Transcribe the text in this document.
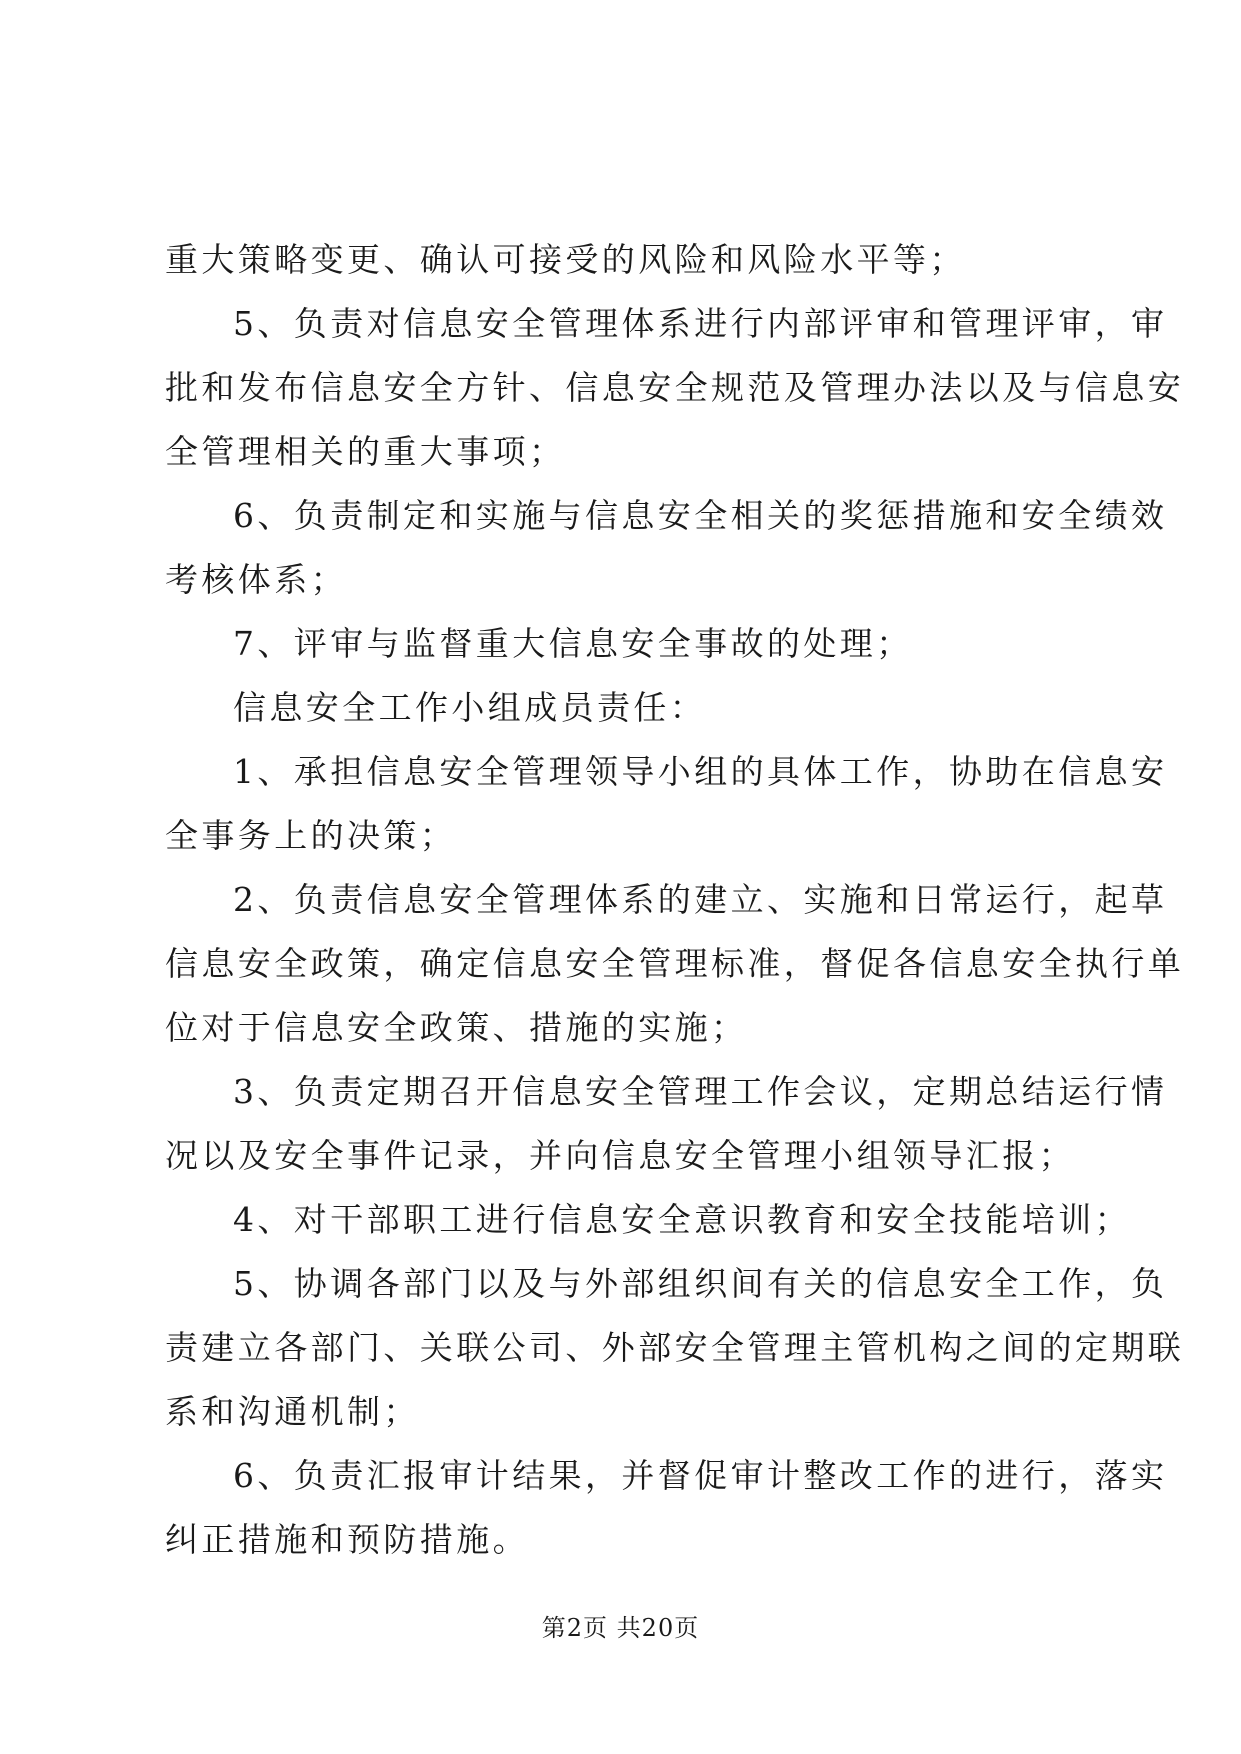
重大策略变更、确认可接受的风险和风险水平等；
5、负责对信息安全管理体系进行内部评审和管理评审，审
批和发布信息安全方针、信息安全规范及管理办法以及与信息安
全管理相关的重大事项；
6、负责制定和实施与信息安全相关的奖惩措施和安全绩效
考核体系；
7、评审与监督重大信息安全事故的处理；
信息安全工作小组成员责任：
1、承担信息安全管理领导小组的具体工作，协助在信息安
全事务上的决策；
2、负责信息安全管理体系的建立、实施和日常运行，起草
信息安全政策，确定信息安全管理标准，督促各信息安全执行单
位对于信息安全政策、措施的实施；
3、负责定期召开信息安全管理工作会议，定期总结运行情
况以及安全事件记录，并向信息安全管理小组领导汇报；
4、对干部职工进行信息安全意识教育和安全技能培训；
5、协调各部门以及与外部组织间有关的信息安全工作，负
责建立各部门、关联公司、外部安全管理主管机构之间的定期联
系和沟通机制；
6、负责汇报审计结果，并督促审计整改工作的进行，落实
纠正措施和预防措施。
第2页 共20页
